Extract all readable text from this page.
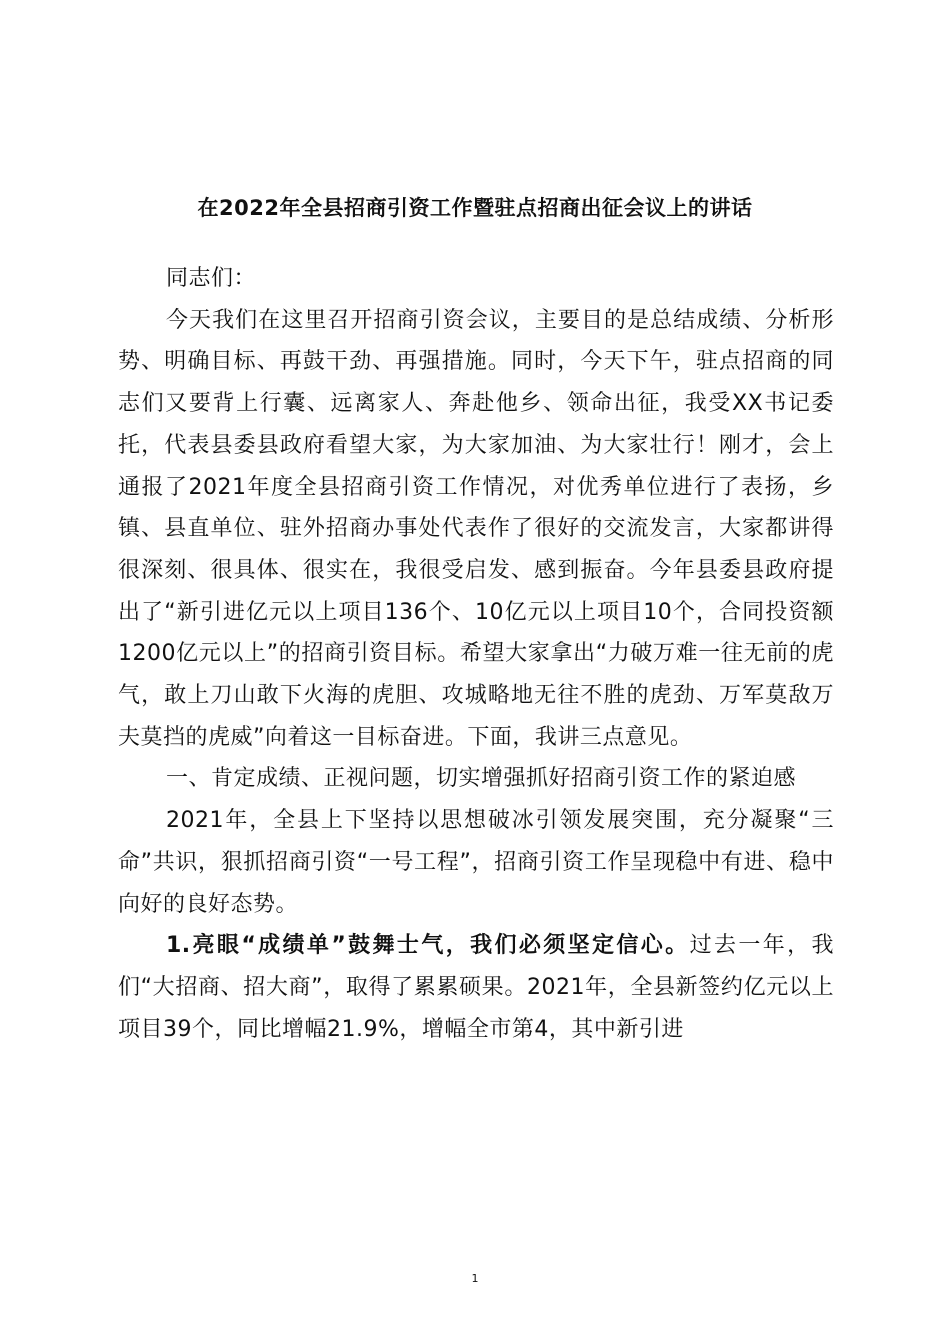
在2022年全县招商引资工作暨驻点招商出征会议上的讲话

同志们：

今天我们在这里召开招商引资会议，主要目的是总结成绩、分析形势、明确目标、再鼓干劲、再强措施。同时，今天下午，驻点招商的同志们又要背上行囊、远离家人、奔赴他乡、领命出征，我受XX书记委托，代表县委县政府看望大家，为大家加油、为大家壮行！刚才，会上通报了2021年度全县招商引资工作情况，对优秀单位进行了表扬，乡镇、县直单位、驻外招商办事处代表作了很好的交流发言，大家都讲得很深刻、很具体、很实在，我很受启发、感到振奋。今年县委县政府提出了“新引进亿元以上项目136个、10亿元以上项目10个，合同投资额1200亿元以上”的招商引资目标。希望大家拿出“力破万难一往无前的虎气，敢上刀山敢下火海的虎胆、攻城略地无往不胜的虎劲、万军莫敌万夫莫挡的虎威”向着这一目标奋进。下面，我讲三点意见。

一、肯定成绩、正视问题，切实增强抓好招商引资工作的紧迫感

2021年，全县上下坚持以思想破冰引领发展突围，充分凝聚“三命”共识，狠抓招商引资“一号工程”，招商引资工作呈现稳中有进、稳中向好的良好态势。

1.亮眼“成绩单”鼓舞士气，我们必须坚定信心。过去一年，我们“大招商、招大商”，取得了累累硕果。2021年，全县新签约亿元以上项目39个，同比增幅21.9%，增幅全市第4，其中新引进

1
